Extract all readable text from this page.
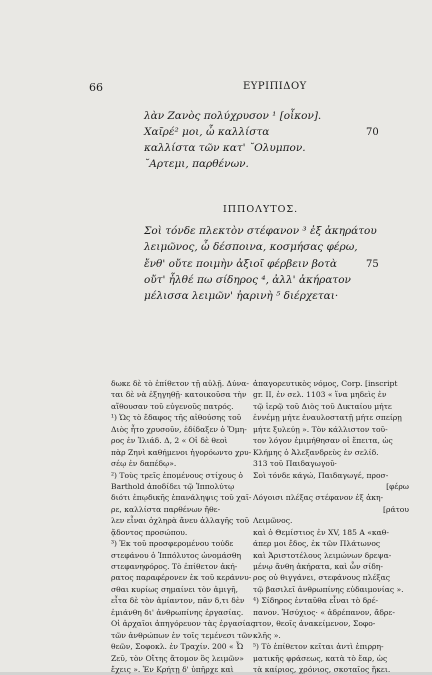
66	ΕΥΡΙΠΙΔΟΥ
λὰν Ζανὸς πολύχρυσον ¹ [οἶκον].
Χαῖρέ² μοι, ὦ καλλίστα	70
καλλίστα τῶν κατ' ˘Ολυμπον.
˘Αρτεμι, παρθένων.
ΙΠΠΟΛΥΤΟΣ.
Σοὶ τόνδε πλεκτὸν στέφανον ³ ἐξ ἀκηράτου
λειμῶνος, ὦ δέσποινα, κοσμήσας φέρω,
ἔνθ' οὔτε ποιμὴν ἀξιοῖ φέρβειν βοτὰ	75
οὔτ' ἦλθέ πω σίδηρος ⁴, ἀλλ' ἀκήρατον
μέλισσα λειμῶν' ἠαρινὴ ⁵ διέρχεται·
δωκε δὲ τὸ ἐπίθετον τῇ αὐλῇ. Δύνα-
ται δὲ νὰ ἐξηγηθῇ· κατοικοῦσα τὴν
αἴθουσαν τοῦ εὐγενοῦς πατρός.
¹) Ὡς τὸ ἔδαφος τῆς αἰθούσης τοῦ
Διὸς ἦτο χρυσοῦν, ἐδίδαξεν ὁ Ὅμη-
ρος ἐν Ἰλιάδ. Δ, 2 « Οἱ δὲ θεοὶ
πὰρ Ζηνὶ καθήμενοι ἠγορόωντο χρυ-
σέῳ ἐν δαπέδῳ».
²) Τοὺς τρεῖς ἐπομένους στίχους ὁ
Barthold ἀποδίδει τῷ Ἱππολύτῳ
διότι ἐπῳδικῆς ἐπανάληψις τοῦ χαῖ-
ρε, καλλίστα παρθένων ἤθε-
λεν εἶναι ὀχληρὰ ἄνευ ἀλλαγῆς τοῦ
ᾄδοντος προσώπου.
³) Ἐκ τοῦ προσφερομένου τούδε
στεφάνου ὁ Ἱππόλυτος ὠνομάσθη
στεφανηφόρος. Τὸ ἐπίθετον ἀκή-
ρατος παραφέρονεν ἐκ τοῦ κεράννυ-
σθαι κυρίως σημαίνει τὸν ἀμιγῆ,
εἶτα δὲ τὸν ἀμίαντον, πᾶν δ,τι δὲν
ἐμιάνθη δι' ἀνθρωπίνης ἐργασίας.
Οἱ ἀρχαῖοι ἀπηγόρευον τὰς ἐργασίας
τῶν ἀνθρώπων ἐν τοῖς τεμένεσι τῶν
θεῶν, Σοφοκλ. ἐν Τραχίν. 200 « Ὦ
Ζεῦ, τὸν Οἴτης ἄτομον ὃς λειμῶν»
ἔχεις ». Ἐν Κρήτῃ δ' ὑπῆρχε καὶ
ἀπαγορευτικὸς νόμος, Corp. [inscript
gr. II, ἐν σελ. 1103 « ἵνα μηδεὶς ἐν
τῷ ἱερῷ τοῦ Διὸς τοῦ Δικταίου μήτε
ἐννέμῃ μήτε ἐναυλοστατῇ μήτε σπείρῃ
μήτε ξυλεύῃ ». Τὸν κάλλιστον τοῦ-
τον λόγον ἐμιμήθησαν οἱ ἔπειτα, ὡς
Κλήμης ὁ Ἀλεξανδρεὺς ἐν σελίδ.
313 τοῦ Παιδαγωγοῦ·
Σοὶ τόνδε κάγώ, Παιδαγωγέ, προσ-
[φέρω
Λόγοισι πλέξας στέφανον ἐξ ἀκη-
[ράτου
Λειμῶνος.
καὶ ὁ Θεμίστιος ἐν XV, 185 Α «καθ-
άπερ μοι ἔδος, ἐκ τῶν Πλάτωνος
καὶ Ἀριστοτέλους λειμώνων δρεψα-
μένῳ ἄνθη ἀκήρατα, καὶ ὧν σίδη-
ρος οὐ θιγγάνει, στεφάνους πλέξας
τῷ βασιλεῖ ἀνθρωπίνης εὐδαιμονίας ».
⁴) Σίδηρος ἐνταῦθα εἶναι τὸ δρέ-
πανον. Ἡσύχιος· « ἀδρέπανον, ἄδρε-
πτον, θεοῖς ἀνακείμενον, Σοφο-
κλῆς ».
⁵) Τὸ ἐπίθετον κεῖται ἀντὶ ἐπιρρη-
ματικῆς φράσεως, κατὰ τὸ ἔαρ, ὡς
τὰ καίριος, χρόνιος, σκοταῖος ἥκει.
